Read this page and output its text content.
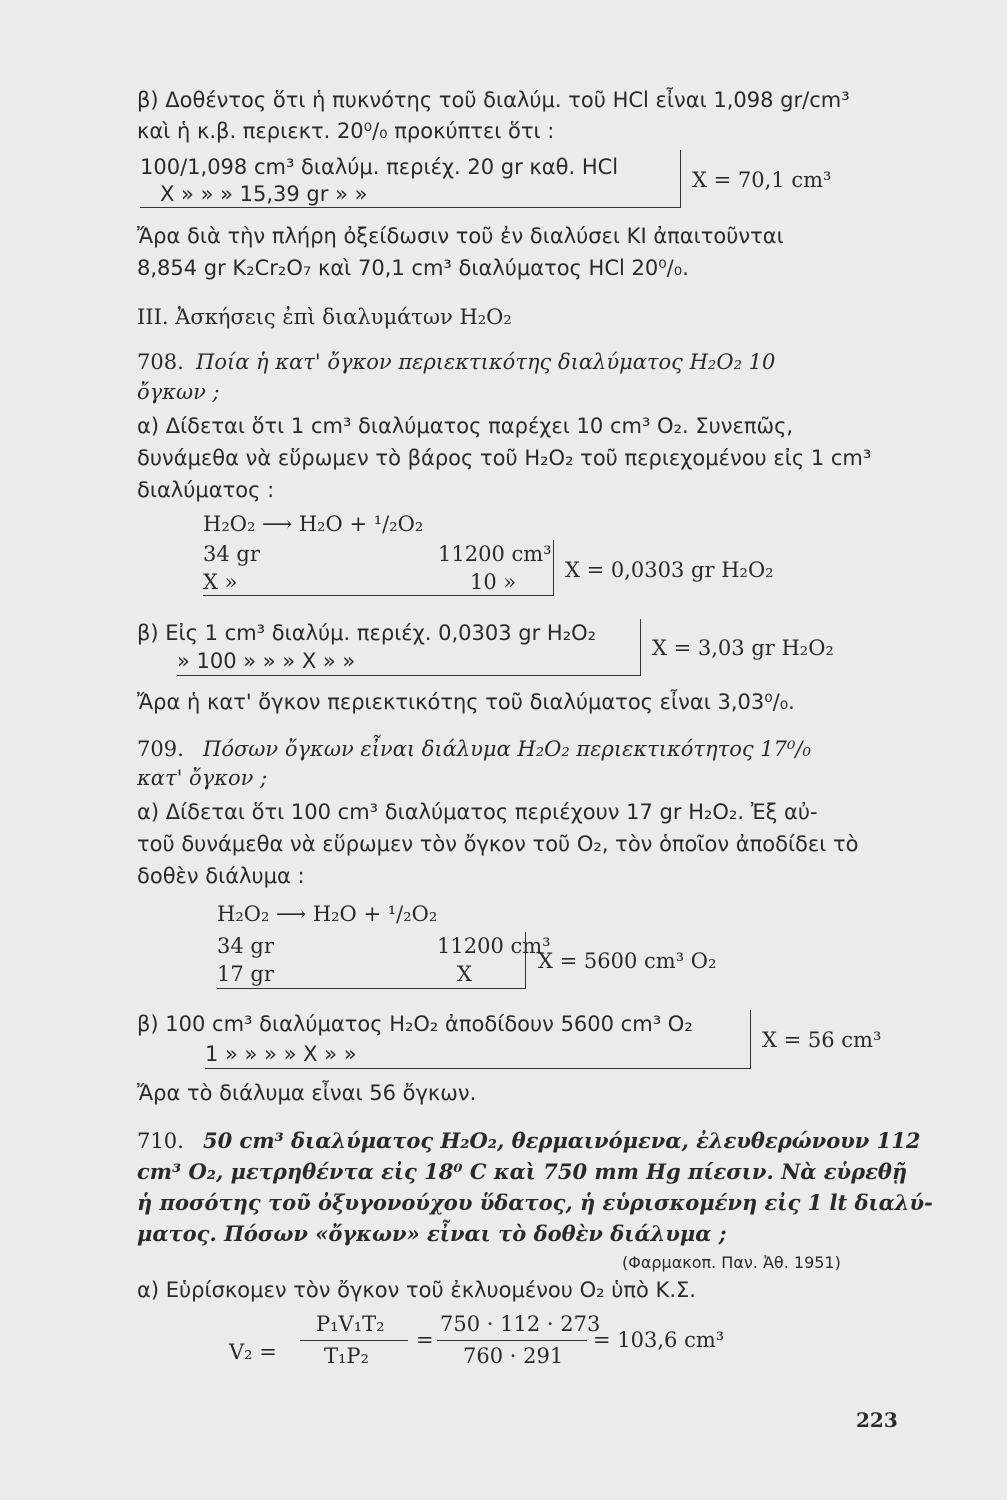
β) Δοθέντος ὅτι ἡ πυκνότης τοῦ διαλύμ. τοῦ HCl εἶναι 1,098 gr/cm³
καὶ ἡ κ.β. περιεκτ. 20⁰/₀ προκύπτει ὅτι :
100/1,098 cm³ διαλύμ. περιέχ. 20 gr καθ. HCl
X » » » 15,39 gr » »
X = 70,1 cm³
Ἄρα διὰ τὴν πλήρη ὀξείδωσιν τοῦ ἐν διαλύσει KI ἀπαιτοῦνται
8,854 gr K₂Cr₂O₇ καὶ 70,1 cm³ διαλύματος HCl 20⁰/₀.
III. Ἀσκήσεις ἐπὶ διαλυμάτων H₂O₂
708. Ποία ἡ κατ' ὄγκον περιεκτικότης διαλύματος H₂O₂ 10
ὄγκων ;
α) Δίδεται ὅτι 1 cm³ διαλύματος παρέχει 10 cm³ O₂. Συνεπῶς,
δυνάμεθα νὰ εὕρωμεν τὸ βάρος τοῦ H₂O₂ τοῦ περιεχομένου εἰς 1 cm³
διαλύματος :
H₂O₂ ⟶ H₂O + ¹/₂O₂
34 gr	11200 cm³
X »	10 » X = 0,0303 gr H₂O₂
β) Εἰς 1 cm³ διαλύμ. περιέχ. 0,0303 gr H₂O₂
» 100 » » » X » »
X = 3,03 gr H₂O₂
Ἄρα ἡ κατ' ὄγκον περιεκτικότης τοῦ διαλύματος εἶναι 3,03⁰/₀.
709. Πόσων ὄγκων εἶναι διάλυμα H₂O₂ περιεκτικότητος 17⁰/₀
κατ' ὄγκον ;
α) Δίδεται ὅτι 100 cm³ διαλύματος περιέχουν 17 gr H₂O₂. Ἐξ αὐ-
τοῦ δυνάμεθα νὰ εὕρωμεν τὸν ὄγκον τοῦ O₂, τὸν ὁποῖον ἀποδίδει τὸ
δοθὲν διάλυμα :
H₂O₂ ⟶ H₂O + ¹/₂O₂
34 gr	11200 cm³
17 gr	X
X = 5600 cm³ O₂
β) 100 cm³ διαλύματος H₂O₂ ἀποδίδουν 5600 cm³ O₂
1 » » » » X » »
X = 56 cm³
Ἄρα τὸ διάλυμα εἶναι 56 ὄγκων.
710. 50 cm³ διαλύματος H₂O₂, θερμαινόμενα, ἐλευθερώνουν 112
cm³ O₂, μετρηθέντα εἰς 18⁰ C καὶ 750 mm Hg πίεσιν. Νὰ εὑρεθῇ
ἡ ποσότης τοῦ ὀξυγονούχου ὕδατος, ἡ εὑρισκομένη εἰς 1 lt διαλύ-
ματος. Πόσων «ὄγκων» εἶναι τὸ δοθὲν διάλυμα ;
(Φαρμακοπ. Παν. Ἀθ. 1951)
α) Εὑρίσκομεν τὸν ὄγκον τοῦ ἐκλυομένου O₂ ὑπὸ Κ.Σ.
V₂ =
P₁V₁T₂
T₁P₂
=
750 · 112 · 273
760 · 291
= 103,6 cm³
223
